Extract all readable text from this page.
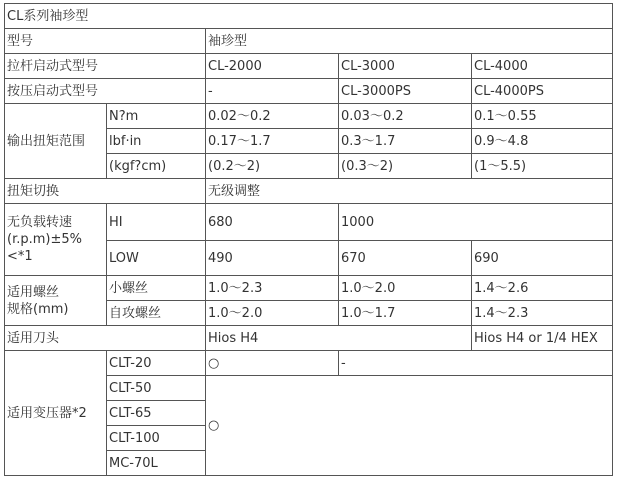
CL系列袖珍型				
型号		袖珍型		
拉杆启动式型号		CL-2000	CL-3000	CL-4000
按压启动式型号		-	CL-3000PS	CL-4000PS
输出扭矩范围	N?m	0.02～0.2	0.03～0.2	0.1～0.55
	lbf·in	0.17～1.7	0.3～1.7	0.9～4.8
	(kgf?cm)	(0.2～2)	(0.3～2)	(1～5.5)
扭矩切换		无级调整		

无负载转速
(r.p.m)±5%
<*1	HI	680	1000	
	LOW	490	670	690

适用螺丝
规格(mm)	小螺丝	1.0～2.3	1.0～2.0	1.4～2.6
	自攻螺丝	1.0～2.0	1.0～1.7	1.4～2.3
适用刀头		Hios H4		Hios H4 or 1/4 HEX
适用变压器*2	CLT-20	○	-	
	CLT-50	○		
	CLT-65			
	CLT-100			
	MC-70L			
